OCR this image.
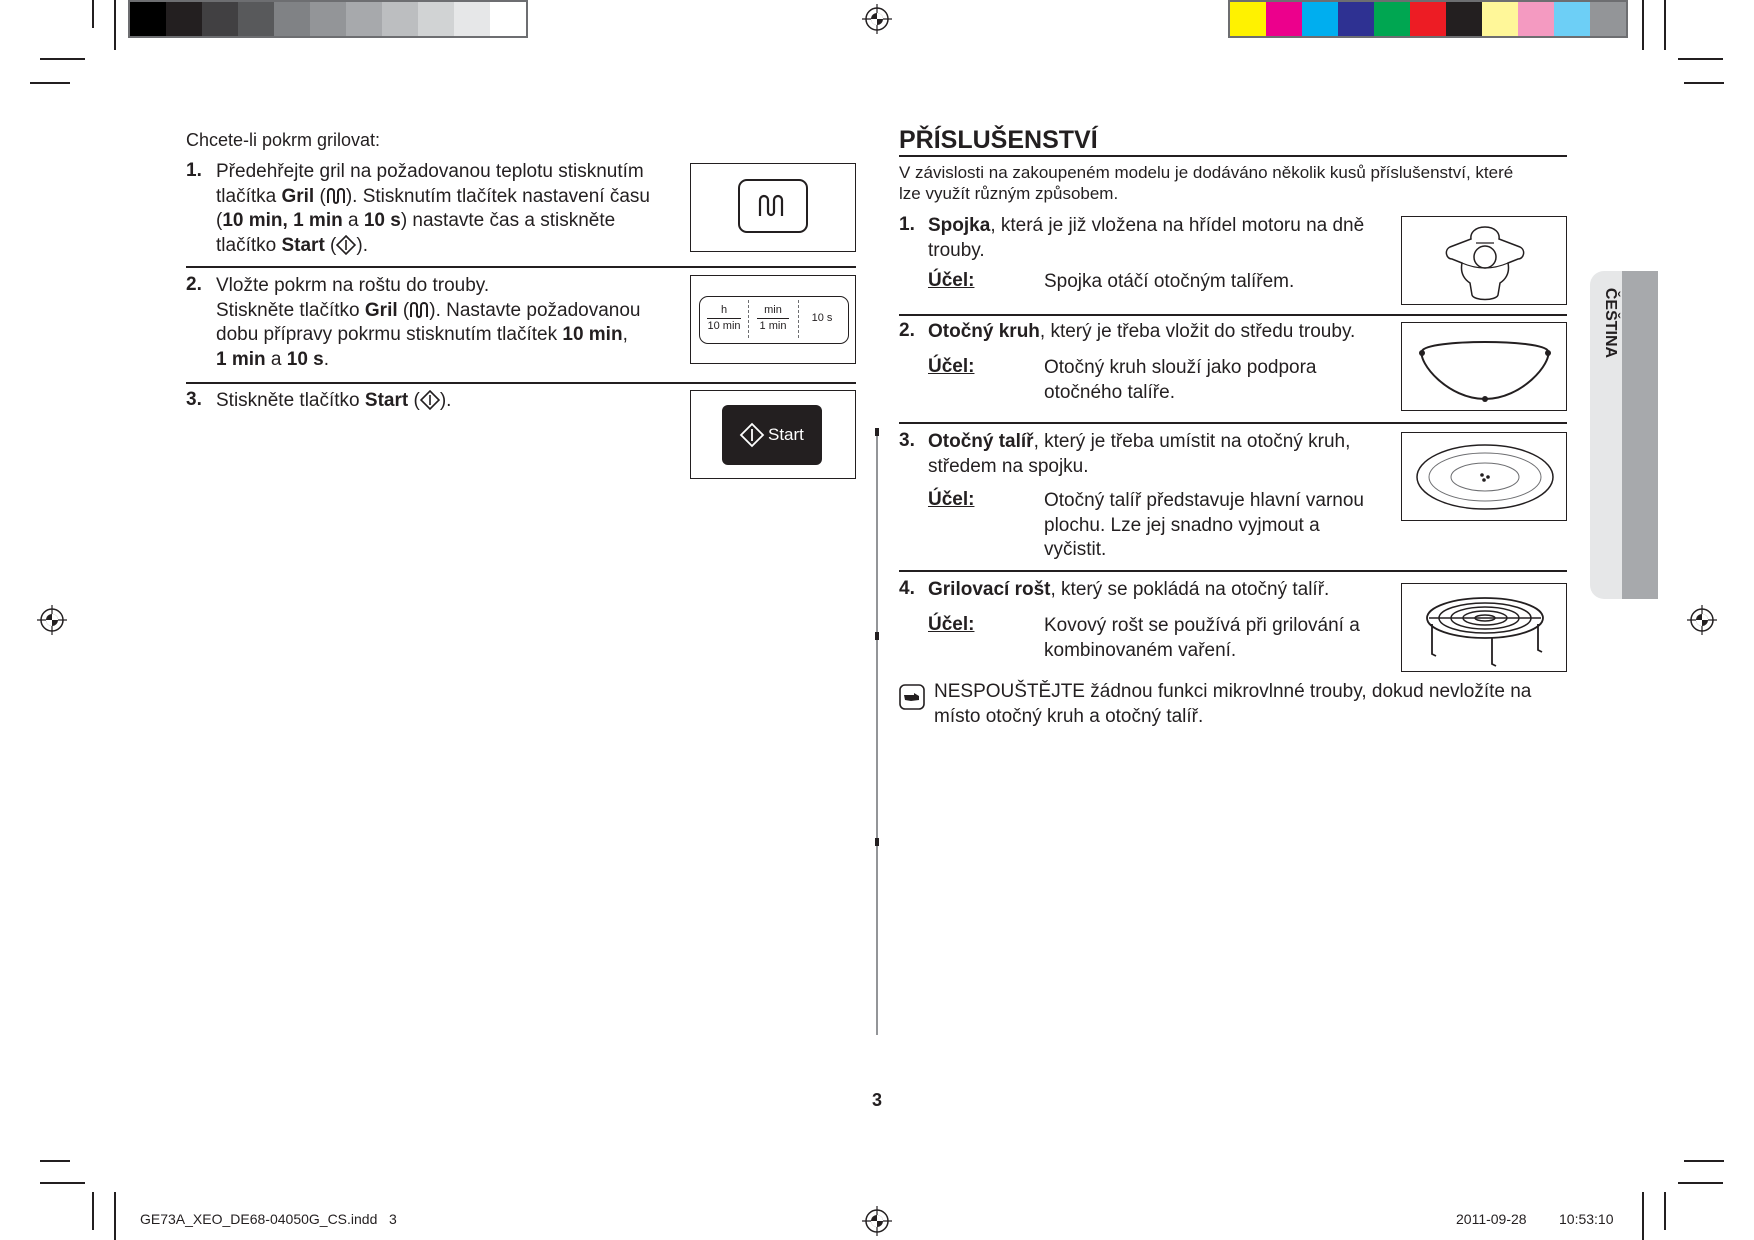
Chcete-li pokrm grilovat:
1. Předehřejte gril na požadovanou teplotu stisknutím
tlačítka Gril ( ). Stisknutím tlačítek nastavení času
(10 min, 1 min a 10 s) nastavte čas a stiskněte
tlačítko Start ( ).
2. Vložte pokrm na roštu do trouby.
Stiskněte tlačítko Gril ( ). Nastavte požadovanou
dobu přípravy pokrmu stisknutím tlačítek 10 min,
1 min a 10 s.
h
10 min
min
1 min
10 s
3. Stiskněte tlačítko Start ( ).
Start
PŘÍSLUŠENSTVÍ
V závislosti na zakoupeném modelu je dodáváno několik kusů příslušenství, které
lze využít různým způsobem.
1. Spojka, která je již vložena na hřídel motoru na dně
trouby.
Účel:	Spojka otáčí otočným talířem.
2. Otočný kruh, který je třeba vložit do středu trouby.
Účel:	Otočný kruh slouží jako podpora
otočného talíře.
3. Otočný talíř, který je třeba umístit na otočný kruh,
středem na spojku.
Účel:	Otočný talíř představuje hlavní varnou
plochu. Lze jej snadno vyjmout a
vyčistit.
4. Grilovací rošt, který se pokládá na otočný talíř.
Účel:	Kovový rošt se používá při grilování a
kombinovaném vaření.
NESPOUŠTĚJTE žádnou funkci mikrovlnné trouby, dokud nevložíte na
místo otočný kruh a otočný talíř.
ČEŠTINA
3
GE73A_XEO_DE68-04050G_CS.indd   3	2011-09-28 10:53:10
